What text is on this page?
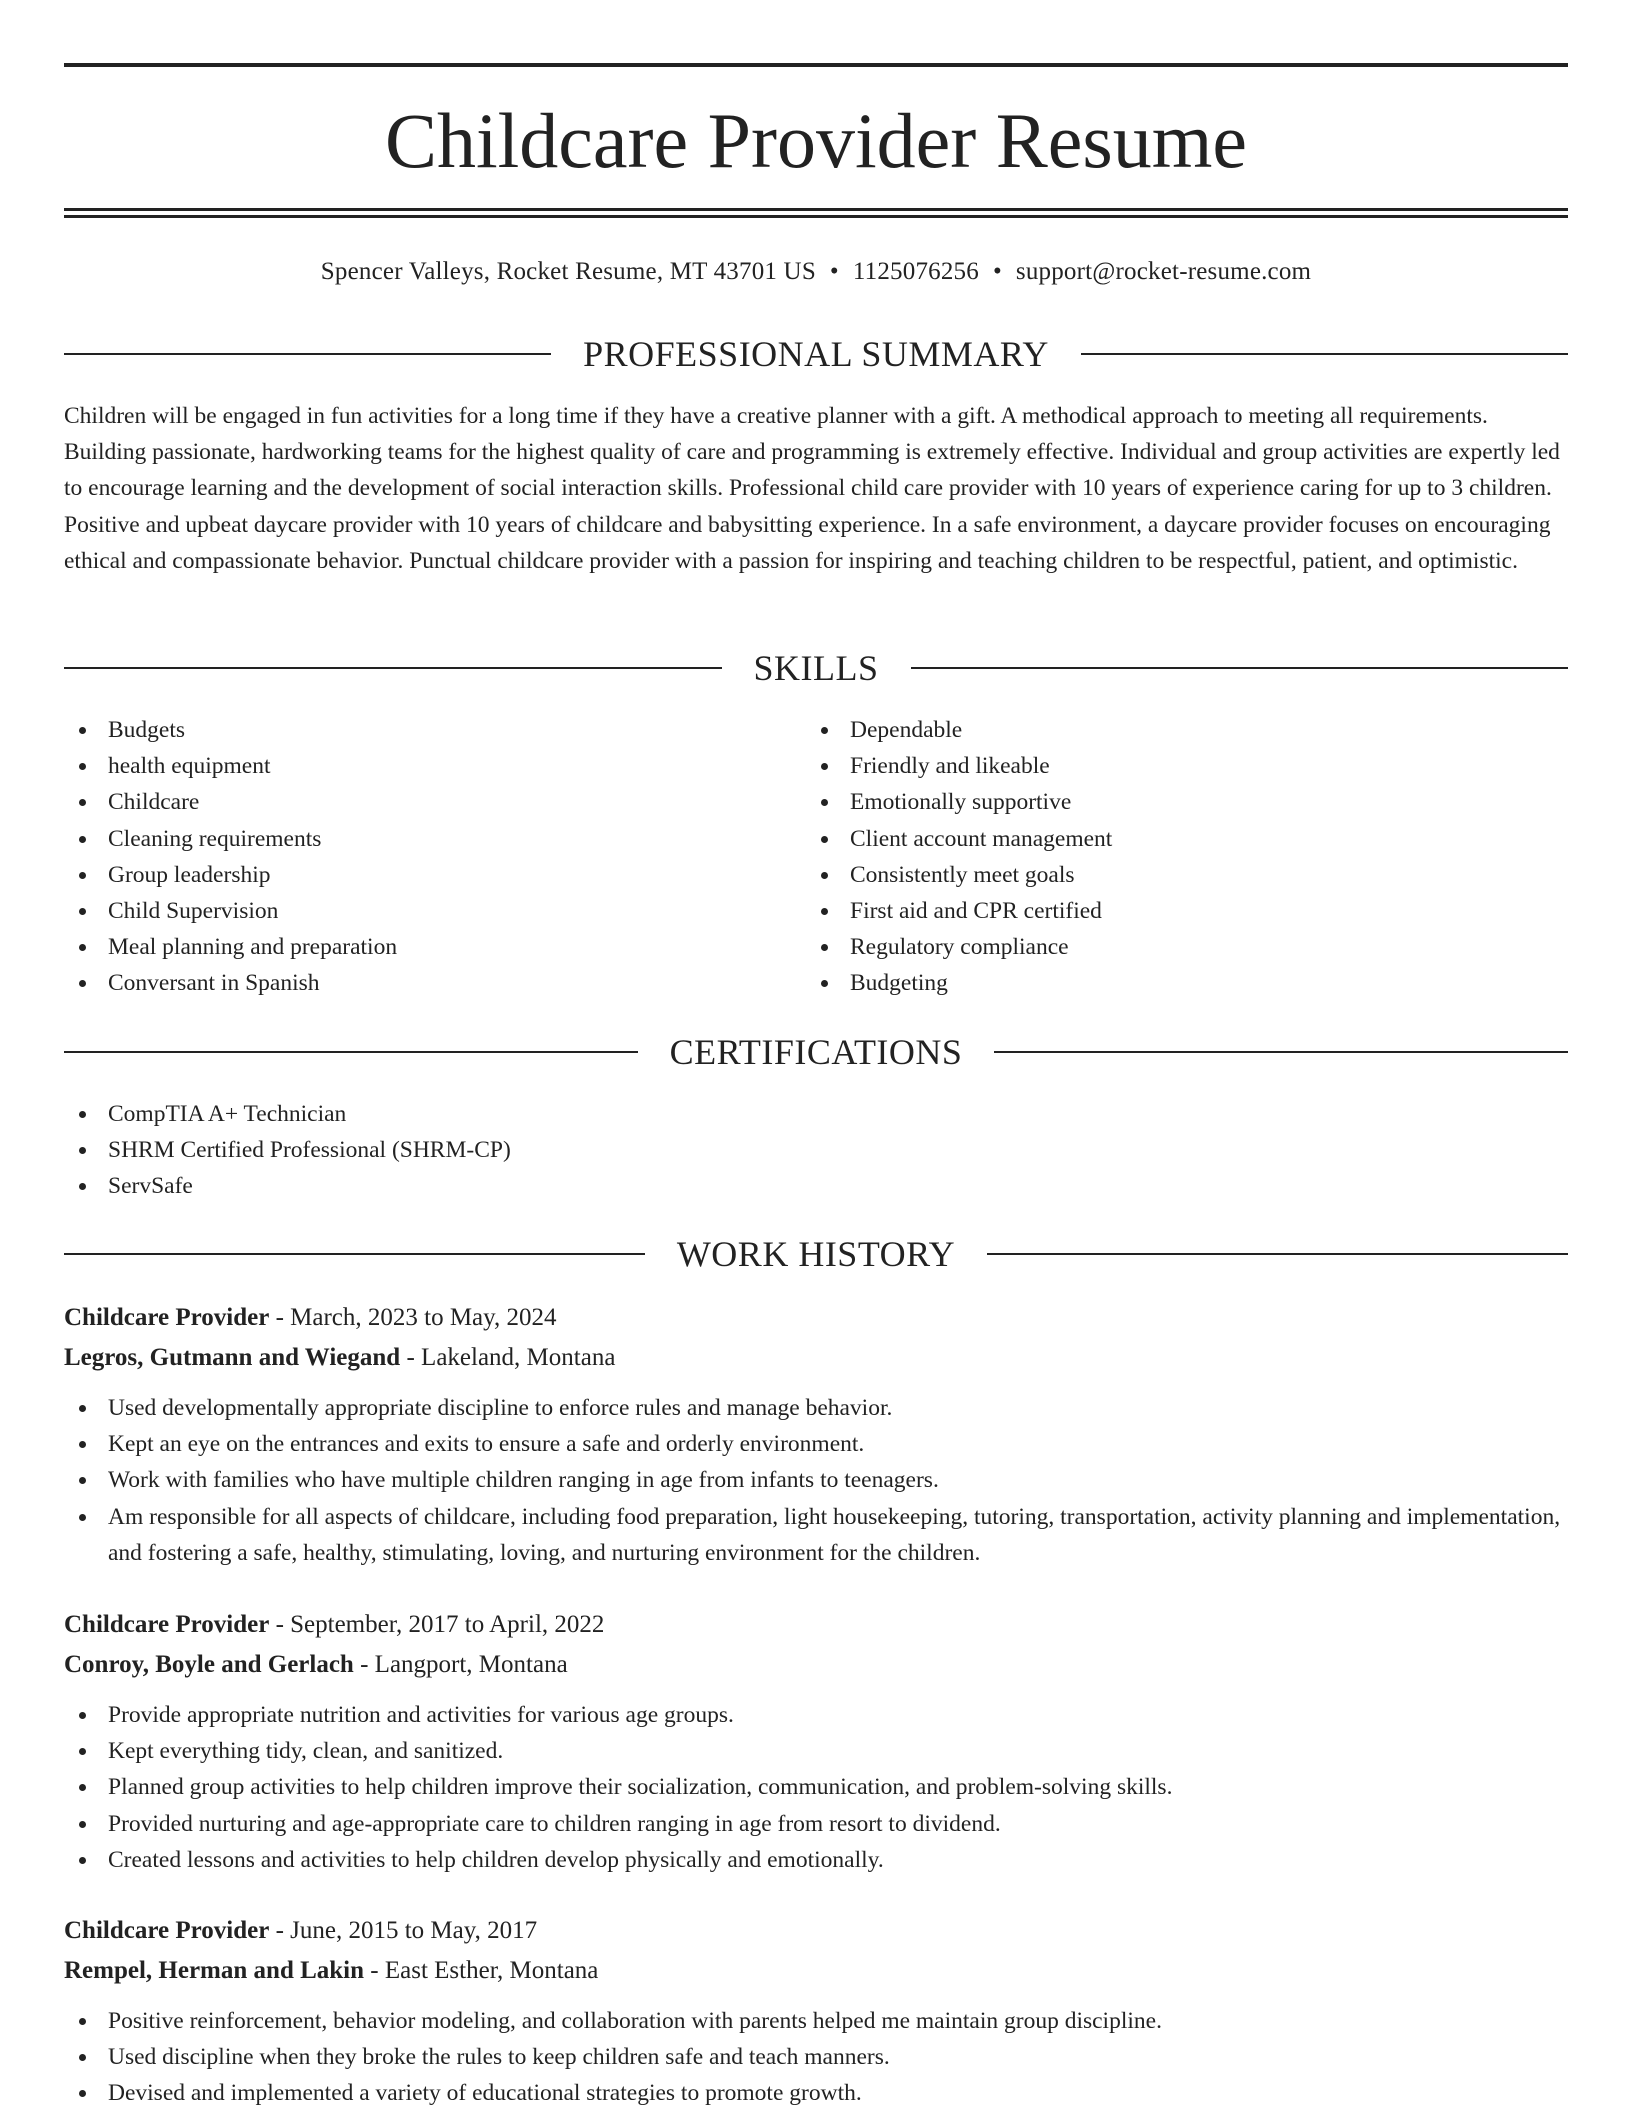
Childcare Provider Resume
Spencer Valleys, Rocket Resume, MT 43701 US • 1125076256 • support@rocket-resume.com
PROFESSIONAL SUMMARY

Children will be engaged in fun activities for a long time if they have a creative planner with a gift. A methodical approach to meeting all requirements. Building passionate, hardworking teams for the highest quality of care and programming is extremely effective. Individual and group activities are expertly led to encourage learning and the development of social interaction skills. Professional child care provider with 10 years of experience caring for up to 3 children. Positive and upbeat daycare provider with 10 years of childcare and babysitting experience. In a safe environment, a daycare provider focuses on encouraging ethical and compassionate behavior. Punctual childcare provider with a passion for inspiring and teaching children to be respectful, patient, and optimistic.

SKILLS
Budgets
health equipment
Childcare
Cleaning requirements
Group leadership
Child Supervision
Meal planning and preparation
Conversant in Spanish
Dependable
Friendly and likeable
Emotionally supportive
Client account management
Consistently meet goals
First aid and CPR certified
Regulatory compliance
Budgeting
CERTIFICATIONS
CompTIA A+ Technician
SHRM Certified Professional (SHRM-CP)
ServSafe
WORK HISTORY
Childcare Provider - March, 2023 to May, 2024
Legros, Gutmann and Wiegand - Lakeland, Montana
Used developmentally appropriate discipline to enforce rules and manage behavior.
Kept an eye on the entrances and exits to ensure a safe and orderly environment.
Work with families who have multiple children ranging in age from infants to teenagers.
Am responsible for all aspects of childcare, including food preparation, light housekeeping, tutoring, transportation, activity planning and implementation, and fostering a safe, healthy, stimulating, loving, and nurturing environment for the children.
Childcare Provider - September, 2017 to April, 2022
Conroy, Boyle and Gerlach - Langport, Montana
Provide appropriate nutrition and activities for various age groups.
Kept everything tidy, clean, and sanitized.
Planned group activities to help children improve their socialization, communication, and problem-solving skills.
Provided nurturing and age-appropriate care to children ranging in age from resort to dividend.
Created lessons and activities to help children develop physically and emotionally.
Childcare Provider - June, 2015 to May, 2017
Rempel, Herman and Lakin - East Esther, Montana
Positive reinforcement, behavior modeling, and collaboration with parents helped me maintain group discipline.
Used discipline when they broke the rules to keep children safe and teach manners.
Devised and implemented a variety of educational strategies to promote growth.
